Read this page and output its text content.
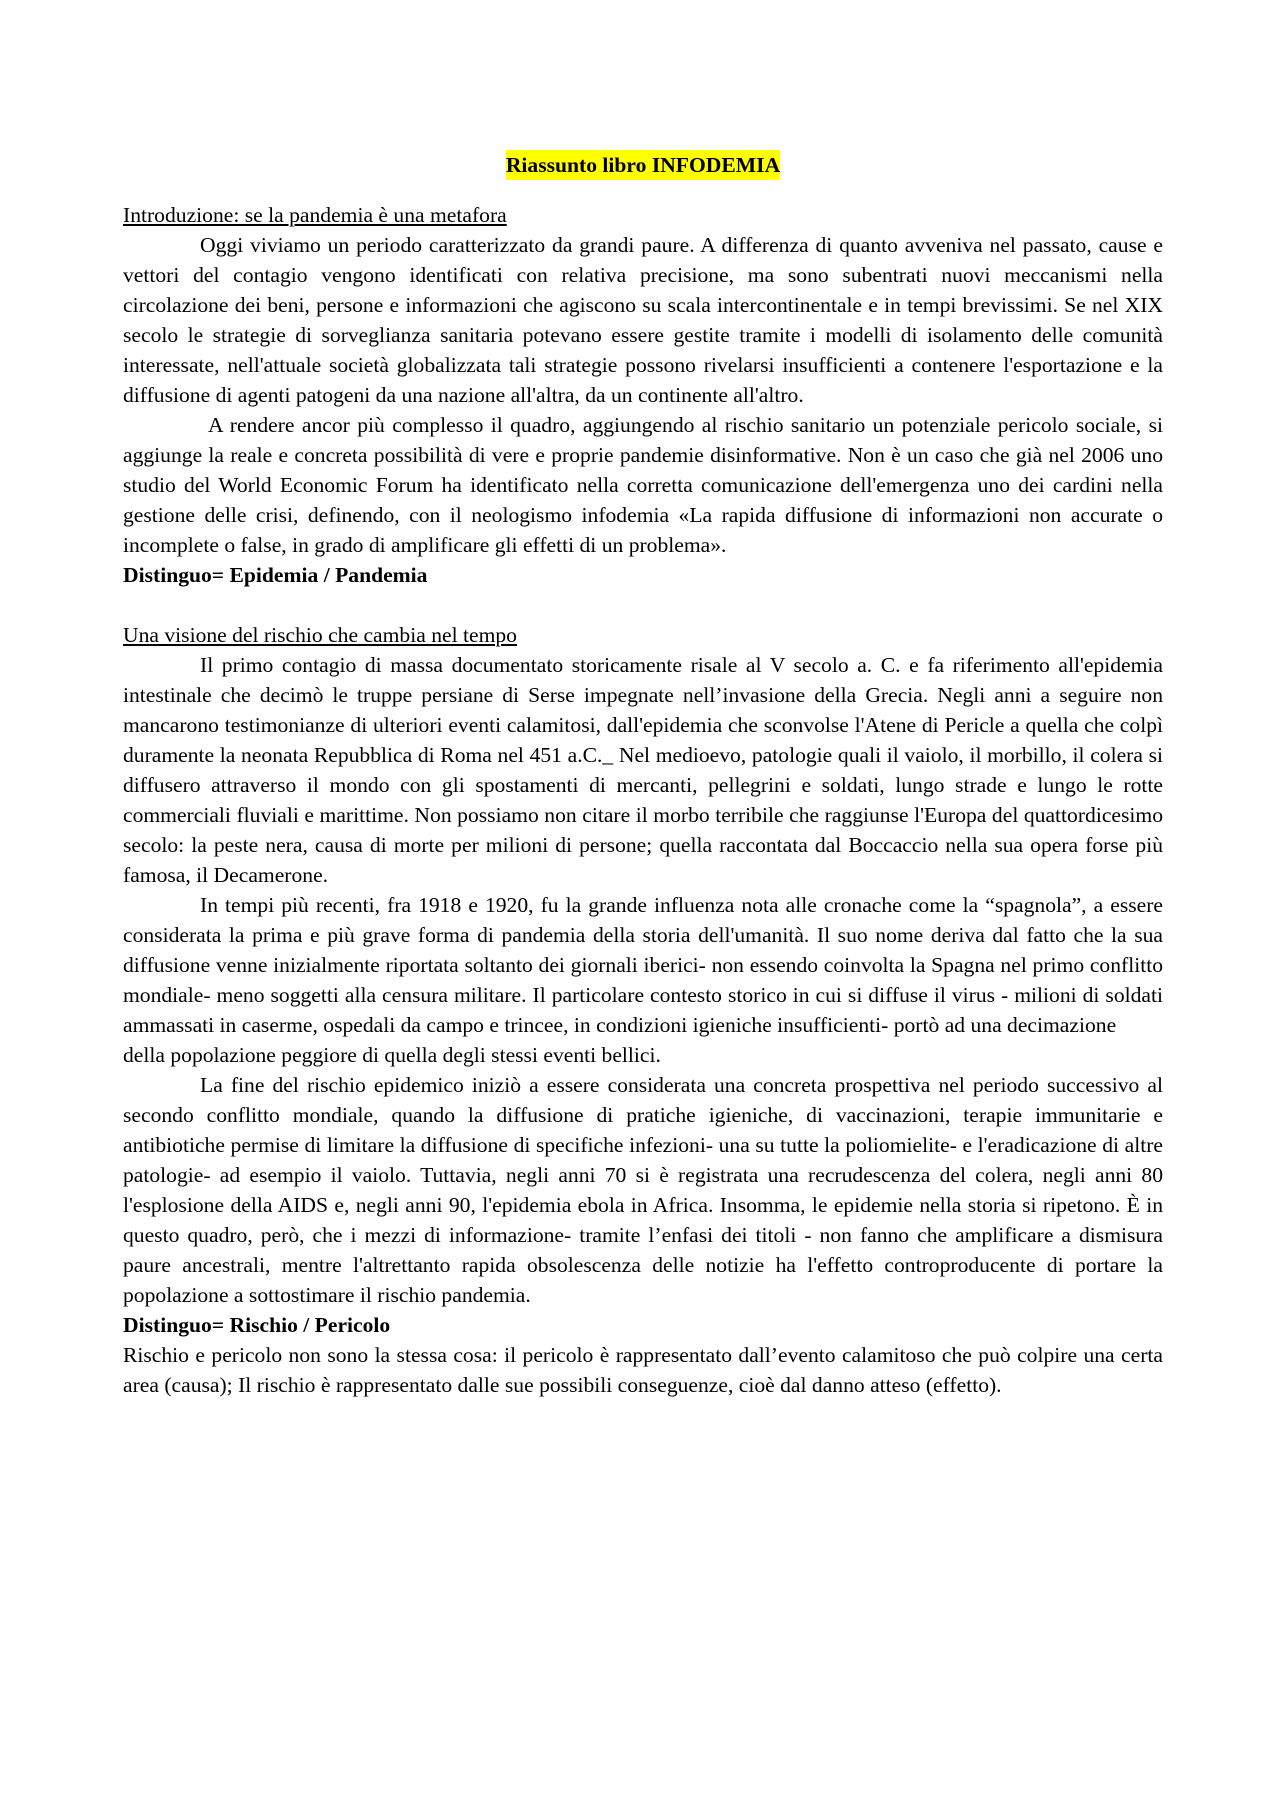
Riassunto libro INFODEMIA
Introduzione: se la pandemia è una metafora

Oggi viviamo un periodo caratterizzato da grandi paure. A differenza di quanto avveniva nel passato, cause e vettori del contagio vengono identificati con relativa precisione, ma sono subentrati nuovi meccanismi nella circolazione dei beni, persone e informazioni che agiscono su scala intercontinentale e in tempi brevissimi. Se nel XIX secolo le strategie di sorveglianza sanitaria potevano essere gestite tramite i modelli di isolamento delle comunità interessate, nell'attuale società globalizzata tali strategie possono rivelarsi insufficienti a contenere l'esportazione e la diffusione di agenti patogeni da una nazione all'altra, da un continente all'altro.

A rendere ancor più complesso il quadro, aggiungendo al rischio sanitario un potenziale pericolo sociale, si aggiunge la reale e concreta possibilità di vere e proprie pandemie disinformative. Non è un caso che già nel 2006 uno studio del World Economic Forum ha identificato nella corretta comunicazione dell'emergenza uno dei cardini nella gestione delle crisi, definendo, con il neologismo infodemia «La rapida diffusione di informazioni non accurate o incomplete o false, in grado di amplificare gli effetti di un problema».

Distinguo= Epidemia / Pandemia
Una visione del rischio che cambia nel tempo

Il primo contagio di massa documentato storicamente risale al V secolo a. C. e fa riferimento all'epidemia intestinale che decimò le truppe persiane di Serse impegnate nell’invasione della Grecia. Negli anni a seguire non mancarono testimonianze di ulteriori eventi calamitosi, dall'epidemia che sconvolse l'Atene di Pericle a quella che colpì duramente la neonata Repubblica di Roma nel 451 a.C._ Nel medioevo, patologie quali il vaiolo, il morbillo, il colera si diffusero attraverso il mondo con gli spostamenti di mercanti, pellegrini e soldati, lungo strade e lungo le rotte commerciali fluviali e marittime. Non possiamo non citare il morbo terribile che raggiunse l'Europa del quattordicesimo secolo: la peste nera, causa di morte per milioni di persone; quella raccontata dal Boccaccio nella sua opera forse più famosa, il Decamerone.

In tempi più recenti, fra 1918 e 1920, fu la grande influenza nota alle cronache come la “spagnola”, a essere considerata la prima e più grave forma di pandemia della storia dell'umanità. Il suo nome deriva dal fatto che la sua diffusione venne inizialmente riportata soltanto dei giornali iberici- non essendo coinvolta la Spagna nel primo conflitto mondiale- meno soggetti alla censura militare. Il particolare contesto storico in cui si diffuse il virus - milioni di soldati ammassati in caserme, ospedali da campo e trincee, in condizioni igieniche insufficienti- portò ad una decimazione

della popolazione peggiore di quella degli stessi eventi bellici.

La fine del rischio epidemico iniziò a essere considerata una concreta prospettiva nel periodo successivo al secondo conflitto mondiale, quando la diffusione di pratiche igieniche, di vaccinazioni, terapie immunitarie e antibiotiche permise di limitare la diffusione di specifiche infezioni- una su tutte la poliomielite- e l'eradicazione di altre patologie- ad esempio il vaiolo. Tuttavia, negli anni 70 si è registrata una recrudescenza del colera, negli anni 80 l'esplosione della AIDS e, negli anni 90, l'epidemia ebola in Africa. Insomma, le epidemie nella storia si ripetono. È in questo quadro, però, che i mezzi di informazione- tramite l’enfasi dei titoli - non fanno che amplificare a dismisura paure ancestrali, mentre l'altrettanto rapida obsolescenza delle notizie ha l'effetto controproducente di portare la popolazione a sottostimare il rischio pandemia.

Distinguo= Rischio / Pericolo

Rischio e pericolo non sono la stessa cosa: il pericolo è rappresentato dall’evento calamitoso che può colpire una certa area (causa); Il rischio è rappresentato dalle sue possibili conseguenze, cioè dal danno atteso (effetto).
